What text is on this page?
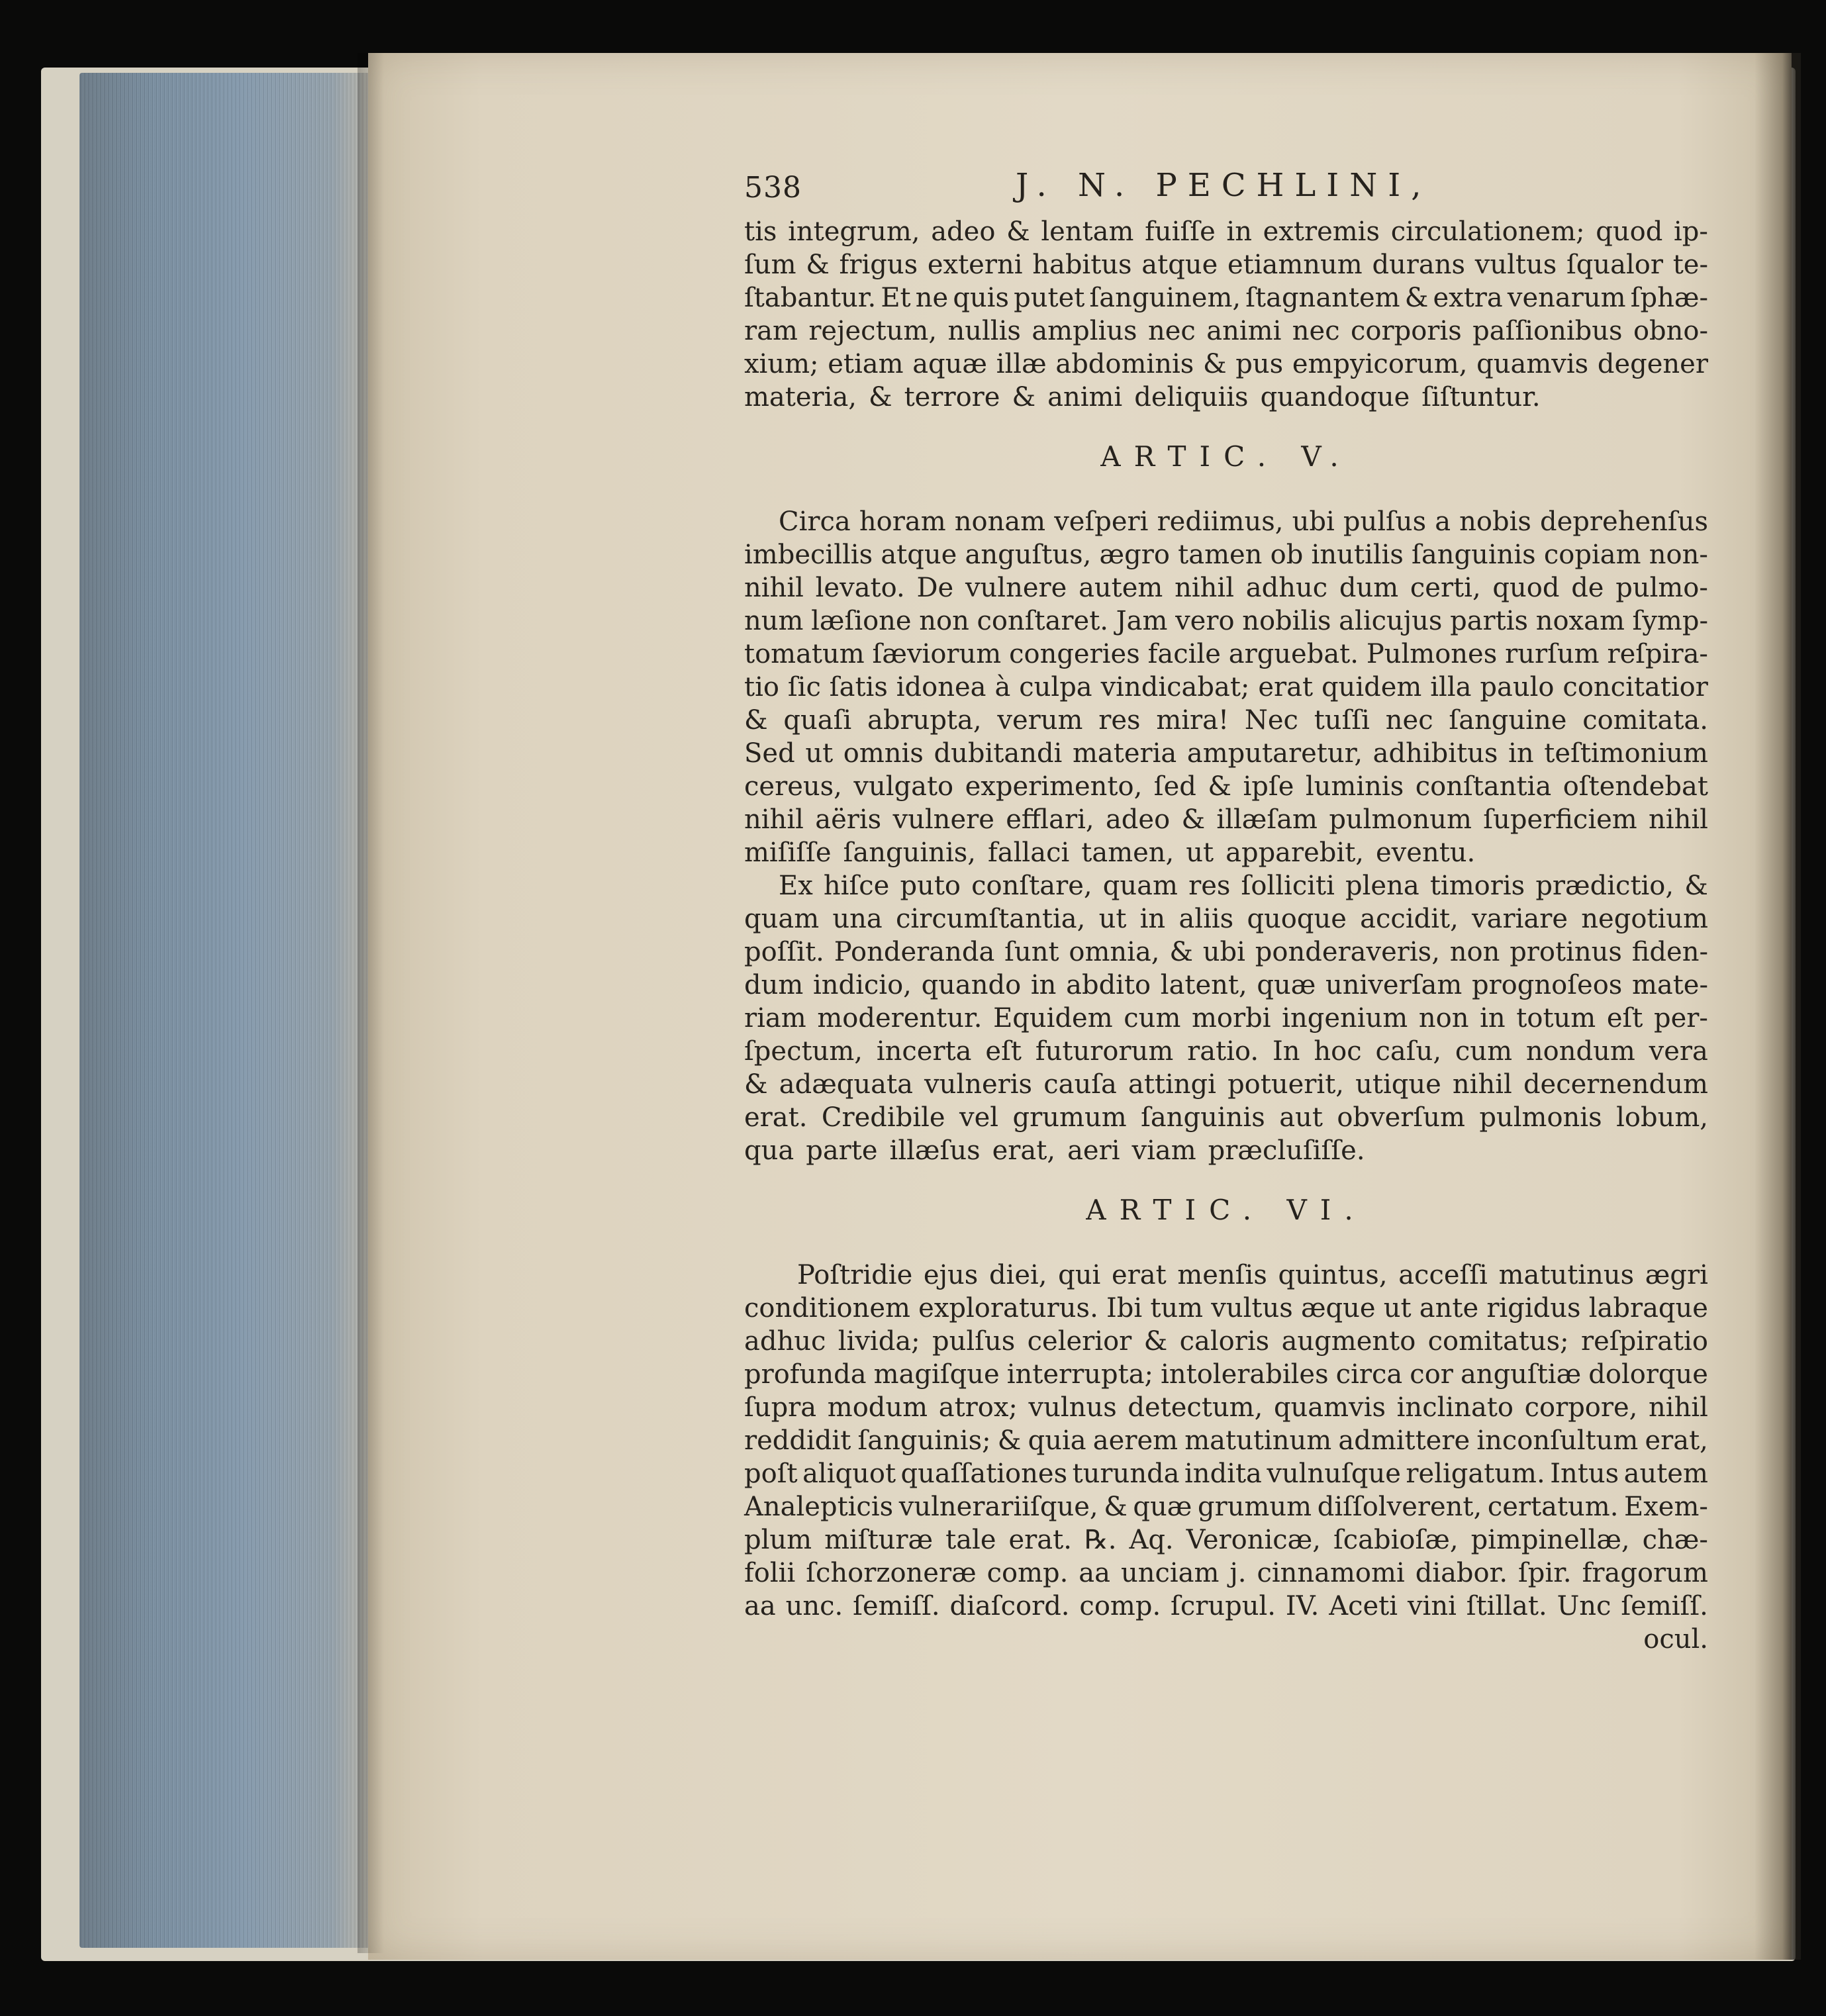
538	J. N. PECHLINI,
tis integrum, adeo & lentam fuiſſe in extremis circulationem; quod ip-
ſum & frigus externi habitus atque etiamnum durans vultus ſqualor te-
ſtabantur. Et ne quis putet ſanguinem, ſtagnantem & extra venarum ſphæ-
ram rejectum, nullis amplius nec animi nec corporis paſſionibus obno-
xium; etiam aquæ illæ abdominis & pus empyicorum, quamvis degener
materia, & terrore & animi deliquiis quandoque ſiſtuntur.
ARTIC. V.
Circa horam nonam veſperi rediimus, ubi pulſus a nobis deprehenſus
imbecillis atque anguſtus, ægro tamen ob inutilis ſanguinis copiam non-
nihil levato. De vulnere autem nihil adhuc dum certi, quod de pulmo-
num læſione non conſtaret. Jam vero nobilis alicujus partis noxam ſymp-
tomatum ſæviorum congeries facile arguebat. Pulmones rurſum reſpira-
tio ſic ſatis idonea à culpa vindicabat; erat quidem illa paulo concitatior
& quaſi abrupta, verum res mira! Nec tuſſi nec ſanguine comitata.
Sed ut omnis dubitandi materia amputaretur, adhibitus in teſtimonium
cereus, vulgato experimento, ſed & ipſe luminis conſtantia oſtendebat
nihil aëris vulnere efflari, adeo & illæſam pulmonum ſuperficiem nihil
miſiſſe ſanguinis, fallaci tamen, ut apparebit, eventu.
Ex hiſce puto conſtare, quam res ſolliciti plena timoris prædictio, &
quam una circumſtantia, ut in aliis quoque accidit, variare negotium
poſſit. Ponderanda ſunt omnia, & ubi ponderaveris, non protinus fiden-
dum indicio, quando in abdito latent, quæ univerſam prognoſeos mate-
riam moderentur. Equidem cum morbi ingenium non in totum eſt per-
ſpectum, incerta eſt futurorum ratio. In hoc caſu, cum nondum vera
& adæquata vulneris cauſa attingi potuerit, utique nihil decernendum
erat. Credibile vel grumum ſanguinis aut obverſum pulmonis lobum,
qua parte illæſus erat, aeri viam præcluſiſſe.
ARTIC. VI.
Poſtridie ejus diei, qui erat menſis quintus, acceſſi matutinus ægri
conditionem exploraturus. Ibi tum vultus æque ut ante rigidus labraque
adhuc livida; pulſus celerior & caloris augmento comitatus; reſpiratio
profunda magiſque interrupta; intolerabiles circa cor anguſtiæ dolorque
ſupra modum atrox; vulnus detectum, quamvis inclinato corpore, nihil
reddidit ſanguinis; & quia aerem matutinum admittere inconſultum erat,
poſt aliquot quaſſationes turunda indita vulnuſque religatum. Intus autem
Analepticis vulnerariiſque, & quæ grumum diſſolverent, certatum. Exem-
plum miſturæ tale erat. ℞. Aq. Veronicæ, ſcabioſæ, pimpinellæ, chæ-
folii ſchorzoneræ comp. aa unciam j. cinnamomi diabor. ſpir. fragorum
aa unc. ſemiſſ. diaſcord. comp. ſcrupul. IV. Aceti vini ſtillat. Unc ſemiſſ.
ocul.
